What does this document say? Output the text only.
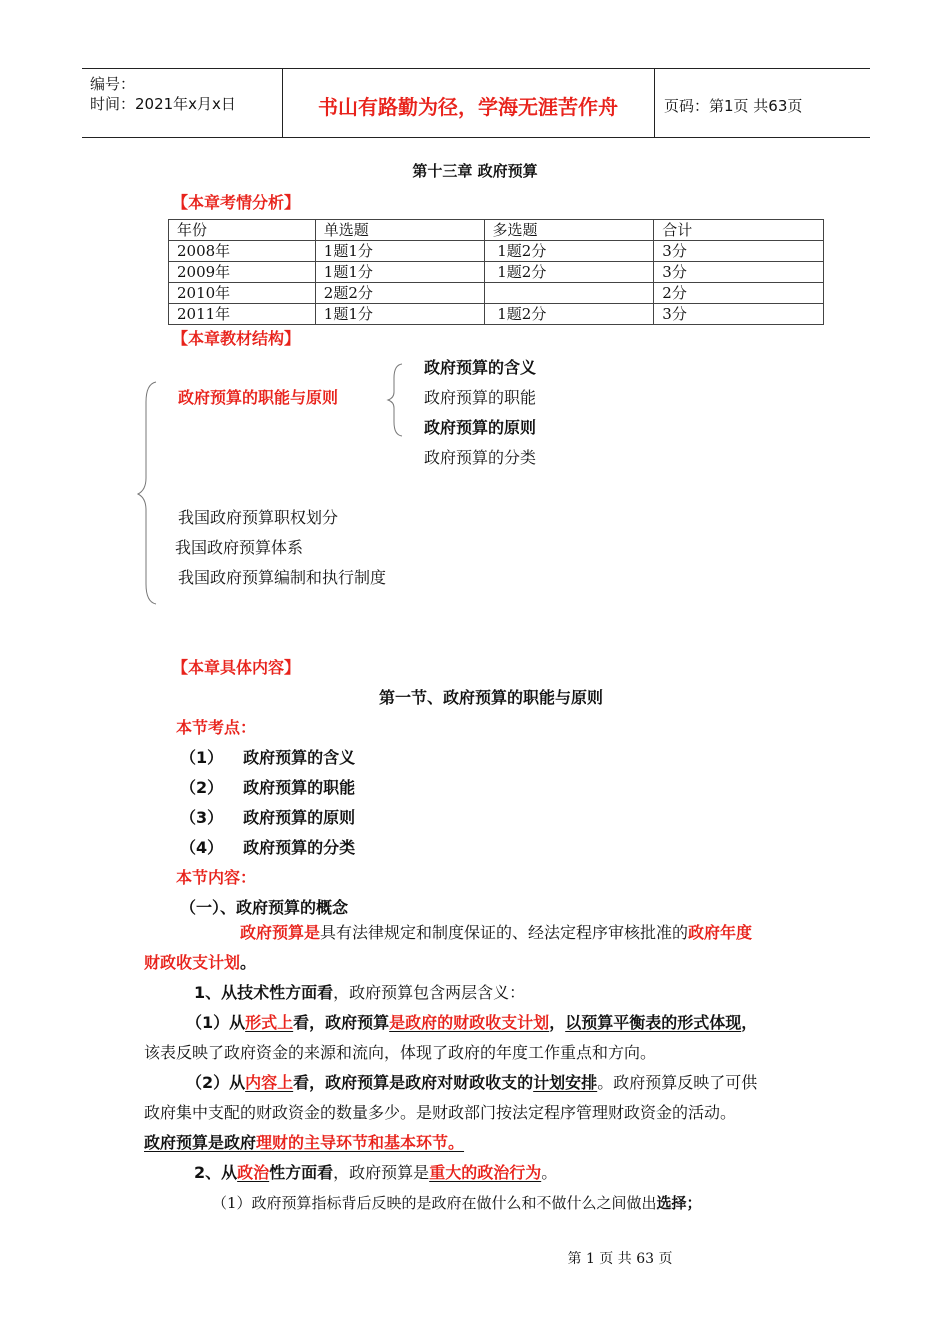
编号：
时间：2021年x月x日	书山有路勤为径，学海无涯苦作舟	页码：第1页 共63页
第十三章 政府预算
【本章考情分析】
年份	单选题	多选题	合计
2008年	1题1分	1题2分	3分
2009年	1题1分	1题2分	3分
2010年	2题2分		2分
2011年	1题1分	1题2分	3分
【本章教材结构】
政府预算的职能与原则
政府预算的含义
政府预算的职能
政府预算的原则
政府预算的分类
我国政府预算职权划分
我国政府预算体系
我国政府预算编制和执行制度
【本章具体内容】
第一节、政府预算的职能与原则
本节考点：
（1） 政府预算的含义
（2） 政府预算的职能
（3） 政府预算的原则
（4） 政府预算的分类
本节内容：
（一）、政府预算的概念
政府预算是具有法律规定和制度保证的、经法定程序审核批准的政府年度
财政收支计划。
1、从技术性方面看，政府预算包含两层含义：
（1）从形式上看，政府预算是政府的财政收支计划，以预算平衡表的形式体现，
该表反映了政府资金的来源和流向，体现了政府的年度工作重点和方向。
（2）从内容上看，政府预算是政府对财政收支的计划安排。政府预算反映了可供
政府集中支配的财政资金的数量多少。是财政部门按法定程序管理财政资金的活动。
政府预算是政府理财的主导环节和基本环节。
2、从政治性方面看，政府预算是重大的政治行为。
（1）政府预算指标背后反映的是政府在做什么和不做什么之间做出选择；
第 1 页 共 63 页
